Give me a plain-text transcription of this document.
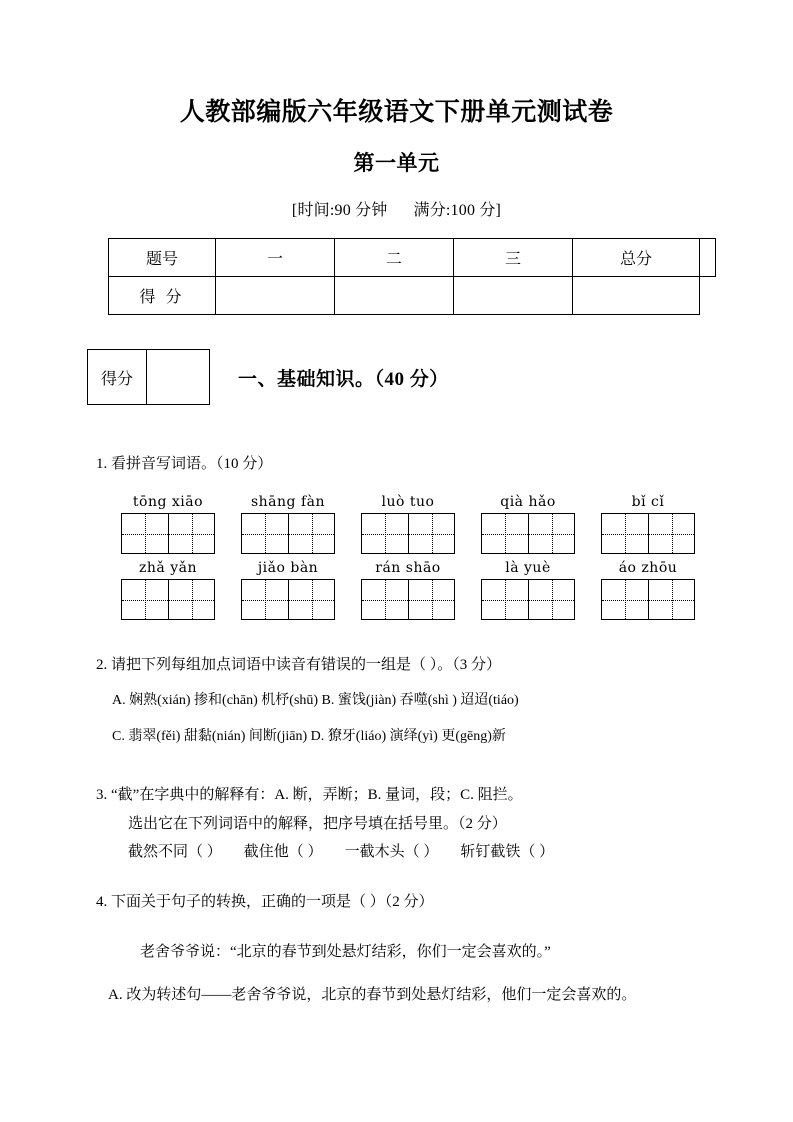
人教部编版六年级语文下册单元测试卷
第一单元
[时间:90 分钟 满分:100 分]
题号	一	二	三	总分	
得 分					
得分	一、基础知识。（40 分）
1. 看拼音写词语。（10 分）
tōng xiāo	shāng fàn	luò tuo	qià hǎo	bǐ cǐ
zhǎ yǎn	jiǎo bàn	rán shāo	là yuè	áo zhōu
2. 请把下列每组加点词语中读音有错误的一组是（ ）。（3 分）
A. 娴熟(xián) 掺和(chān) 机杼(shū) B. 蜜饯(jiàn) 吞噬(shì ) 迢迢(tiáo)
C. 翡翠(fěi) 甜黏(nián) 间断(jiān) D. 獠牙(liáo) 演绎(yì) 更(gēng)新
3. “截”在字典中的解释有：A. 断，弄断；B. 量词，段；C. 阻拦。
选出它在下列词语中的解释，把序号填在括号里。（2 分）
截然不同（ ） 截住他（ ） 一截木头（ ） 斩钉截铁（ ）
4. 下面关于句子的转换，正确的一项是（ ）（2 分）
老舍爷爷说：“北京的春节到处悬灯结彩，你们一定会喜欢的。”
A. 改为转述句——老舍爷爷说，北京的春节到处悬灯结彩，他们一定会喜欢的。
